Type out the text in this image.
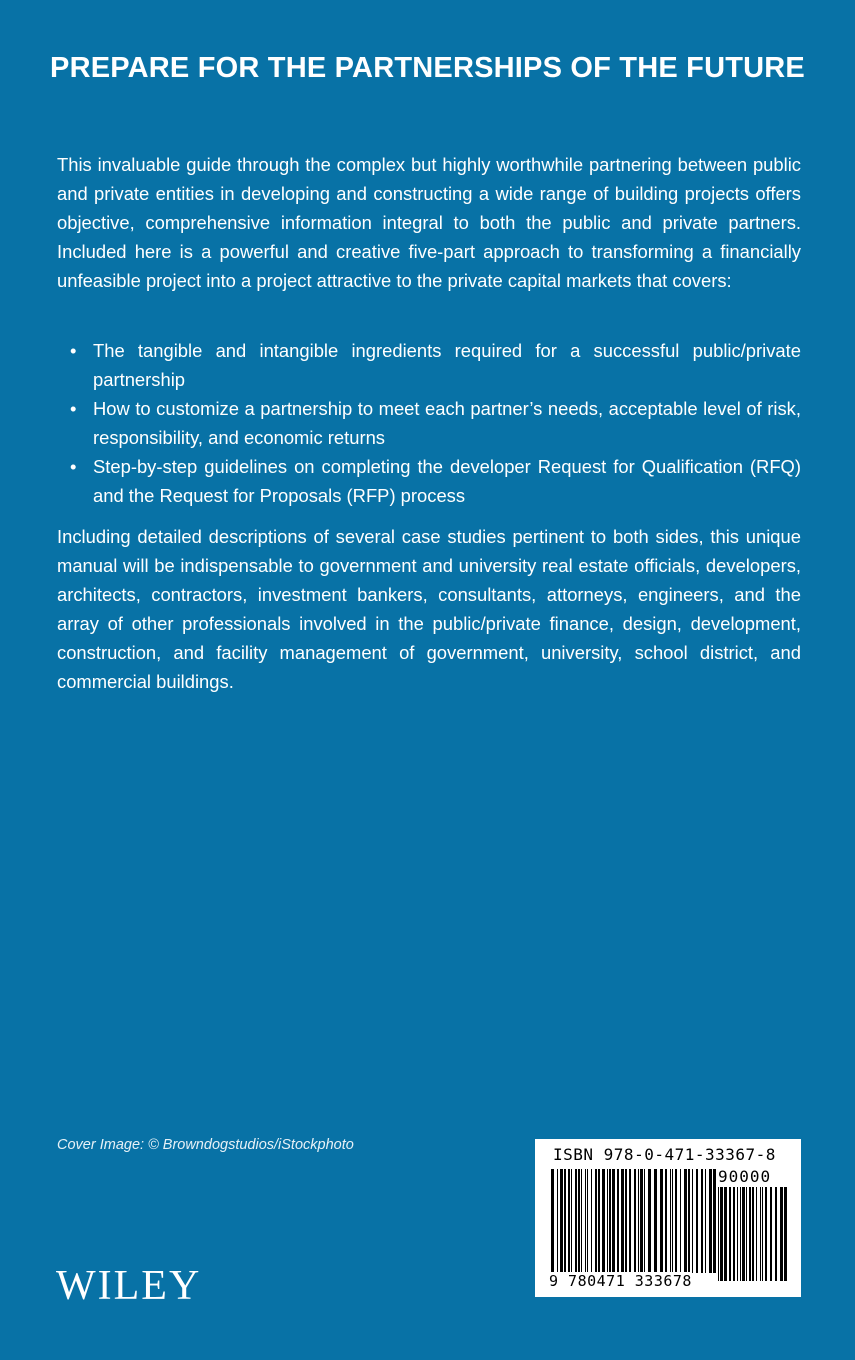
PREPARE FOR THE PARTNERSHIPS OF THE FUTURE

This invaluable guide through the complex but highly worthwhile partnering between public and private entities in developing and constructing a wide range of building projects offers objective, comprehensive information integral to both the public and private partners. Included here is a powerful and creative five-part approach to transforming a financially unfeasible project into a project attractive to the private capital markets that covers:

• The tangible and intangible ingredients required for a successful public/private partnership
• How to customize a partnership to meet each partner’s needs, acceptable level of risk, responsibility, and economic returns
• Step-by-step guidelines on completing the developer Request for Qualification (RFQ) and the Request for Proposals (RFP) process

Including detailed descriptions of several case studies pertinent to both sides, this unique manual will be indispensable to government and university real estate officials, developers, architects, contractors, investment bankers, consultants, attorneys, engineers, and the array of other professionals involved in the public/private finance, design, development, construction, and facility management of government, university, school district, and commercial buildings.

Cover Image: © Browndogstudios/iStockphoto
WILEY
ISBN 978-0-471-33367-8
90000
9 780471 333678
